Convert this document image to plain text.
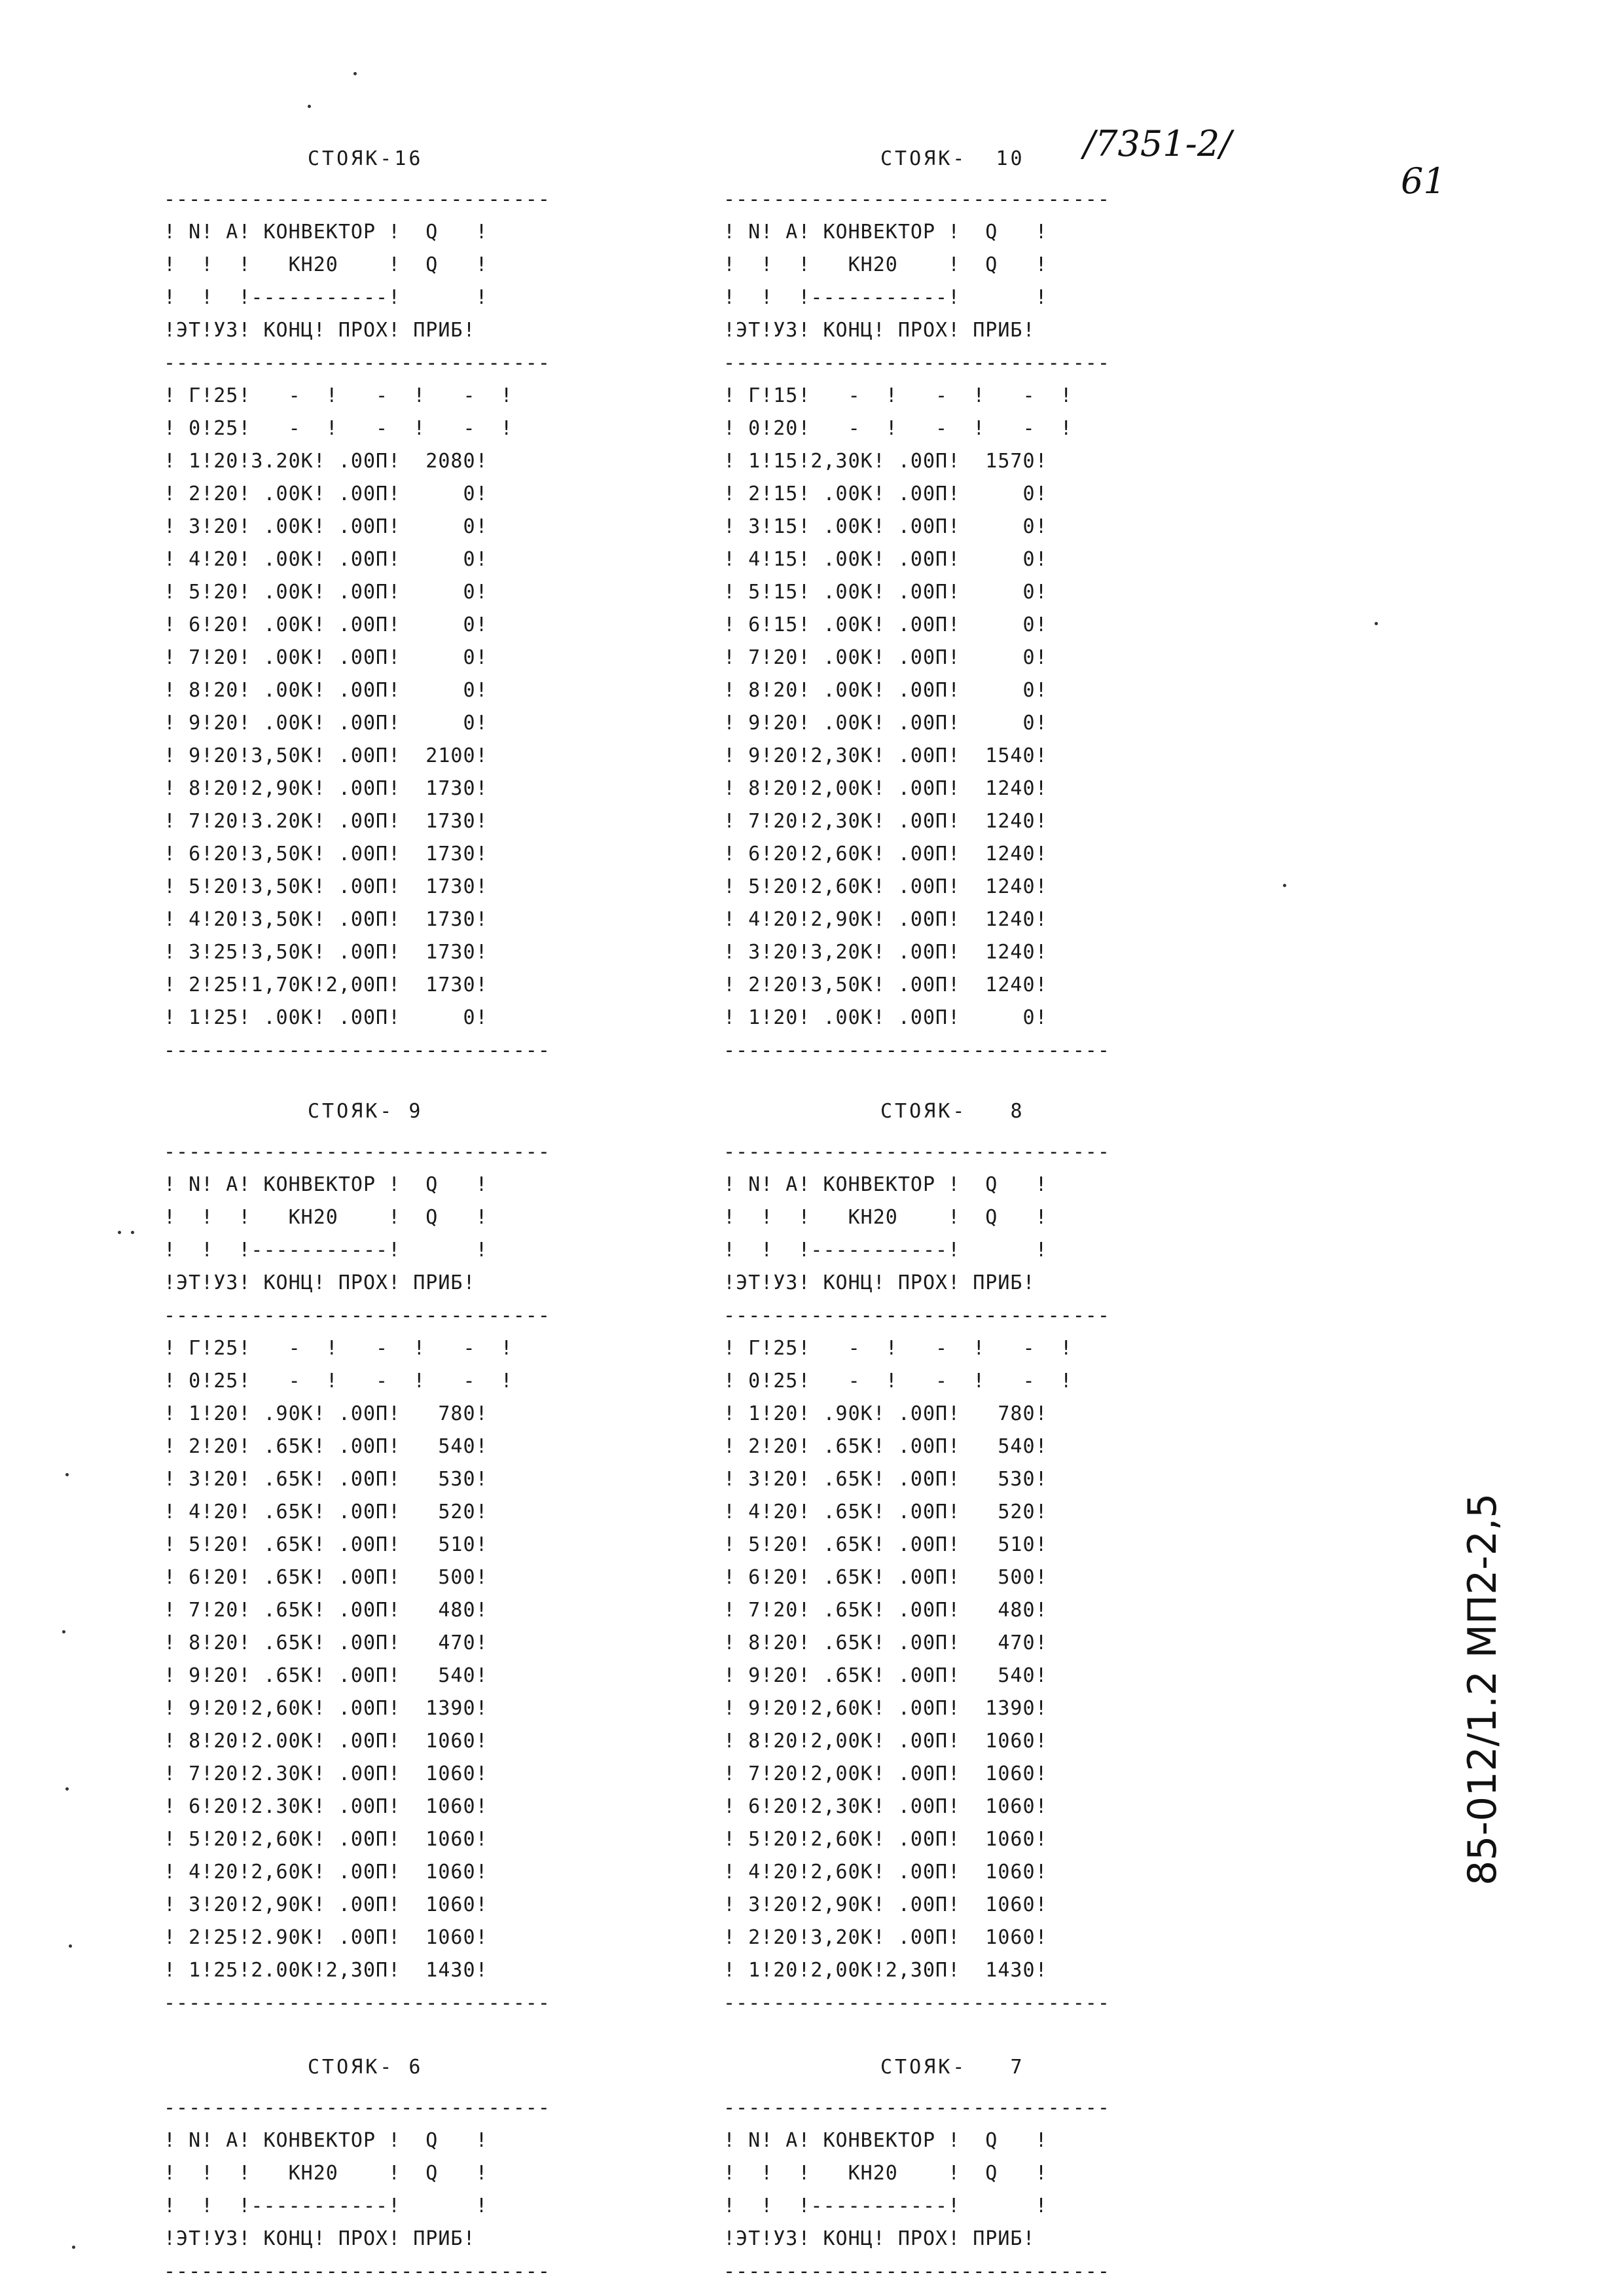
СТОЯК-16
-------------------------------
! N! А! КОНВЕКТОР !  Q   !
!  !  !   КН20    !  Q   !
!  !  !-----------!      !
!ЭТ!УЗ! КОНЦ! ПРОХ! ПРИБ!
-------------------------------
! Г!25!   -  !   -  !   -  !
! 0!25!   -  !   -  !   -  !
! 1!20!3.20К! .00П!  2080!
! 2!20! .00К! .00П!     0!
! 3!20! .00К! .00П!     0!
! 4!20! .00К! .00П!     0!
! 5!20! .00К! .00П!     0!
! 6!20! .00К! .00П!     0!
! 7!20! .00К! .00П!     0!
! 8!20! .00К! .00П!     0!
! 9!20! .00К! .00П!     0!
! 9!20!3,50К! .00П!  2100!
! 8!20!2,90К! .00П!  1730!
! 7!20!3.20К! .00П!  1730!
! 6!20!3,50К! .00П!  1730!
! 5!20!3,50К! .00П!  1730!
! 4!20!3,50К! .00П!  1730!
! 3!25!3,50К! .00П!  1730!
! 2!25!1,70К!2,00П!  1730!
! 1!25! .00К! .00П!     0!
-------------------------------
СТОЯК-  10
-------------------------------
! N! А! КОНВЕКТОР !  Q   !
!  !  !   КН20    !  Q   !
!  !  !-----------!      !
!ЭТ!УЗ! КОНЦ! ПРОХ! ПРИБ!
-------------------------------
! Г!15!   -  !   -  !   -  !
! 0!20!   -  !   -  !   -  !
! 1!15!2,30К! .00П!  1570!
! 2!15! .00К! .00П!     0!
! 3!15! .00К! .00П!     0!
! 4!15! .00К! .00П!     0!
! 5!15! .00К! .00П!     0!
! 6!15! .00К! .00П!     0!
! 7!20! .00К! .00П!     0!
! 8!20! .00К! .00П!     0!
! 9!20! .00К! .00П!     0!
! 9!20!2,30К! .00П!  1540!
! 8!20!2,00К! .00П!  1240!
! 7!20!2,30К! .00П!  1240!
! 6!20!2,60К! .00П!  1240!
! 5!20!2,60К! .00П!  1240!
! 4!20!2,90К! .00П!  1240!
! 3!20!3,20К! .00П!  1240!
! 2!20!3,50К! .00П!  1240!
! 1!20! .00К! .00П!     0!
-------------------------------
СТОЯК- 9
-------------------------------
! N! А! КОНВЕКТОР !  Q   !
!  !  !   КН20    !  Q   !
!  !  !-----------!      !
!ЭТ!УЗ! КОНЦ! ПРОХ! ПРИБ!
-------------------------------
! Г!25!   -  !   -  !   -  !
! 0!25!   -  !   -  !   -  !
! 1!20! .90К! .00П!   780!
! 2!20! .65К! .00П!   540!
! 3!20! .65К! .00П!   530!
! 4!20! .65К! .00П!   520!
! 5!20! .65К! .00П!   510!
! 6!20! .65К! .00П!   500!
! 7!20! .65К! .00П!   480!
! 8!20! .65К! .00П!   470!
! 9!20! .65К! .00П!   540!
! 9!20!2,60К! .00П!  1390!
! 8!20!2.00К! .00П!  1060!
! 7!20!2.30К! .00П!  1060!
! 6!20!2.30К! .00П!  1060!
! 5!20!2,60К! .00П!  1060!
! 4!20!2,60К! .00П!  1060!
! 3!20!2,90К! .00П!  1060!
! 2!25!2.90К! .00П!  1060!
! 1!25!2.00К!2,30П!  1430!
-------------------------------
СТОЯК-   8
-------------------------------
! N! А! КОНВЕКТОР !  Q   !
!  !  !   КН20    !  Q   !
!  !  !-----------!      !
!ЭТ!УЗ! КОНЦ! ПРОХ! ПРИБ!
-------------------------------
! Г!25!   -  !   -  !   -  !
! 0!25!   -  !   -  !   -  !
! 1!20! .90К! .00П!   780!
! 2!20! .65К! .00П!   540!
! 3!20! .65К! .00П!   530!
! 4!20! .65К! .00П!   520!
! 5!20! .65К! .00П!   510!
! 6!20! .65К! .00П!   500!
! 7!20! .65К! .00П!   480!
! 8!20! .65К! .00П!   470!
! 9!20! .65К! .00П!   540!
! 9!20!2,60К! .00П!  1390!
! 8!20!2,00К! .00П!  1060!
! 7!20!2,00К! .00П!  1060!
! 6!20!2,30К! .00П!  1060!
! 5!20!2,60К! .00П!  1060!
! 4!20!2,60К! .00П!  1060!
! 3!20!2,90К! .00П!  1060!
! 2!20!3,20К! .00П!  1060!
! 1!20!2,00К!2,30П!  1430!
-------------------------------
СТОЯК- 6
-------------------------------
! N! А! КОНВЕКТОР !  Q   !
!  !  !   КН20    !  Q   !
!  !  !-----------!      !
!ЭТ!УЗ! КОНЦ! ПРОХ! ПРИБ!
-------------------------------
СТОЯК-   7
-------------------------------
! N! А! КОНВЕКТОР !  Q   !
!  !  !   КН20    !  Q   !
!  !  !-----------!      !
!ЭТ!УЗ! КОНЦ! ПРОХ! ПРИБ!
-------------------------------
/7351-2/
61
85-012/1.2 МП2-2,5
